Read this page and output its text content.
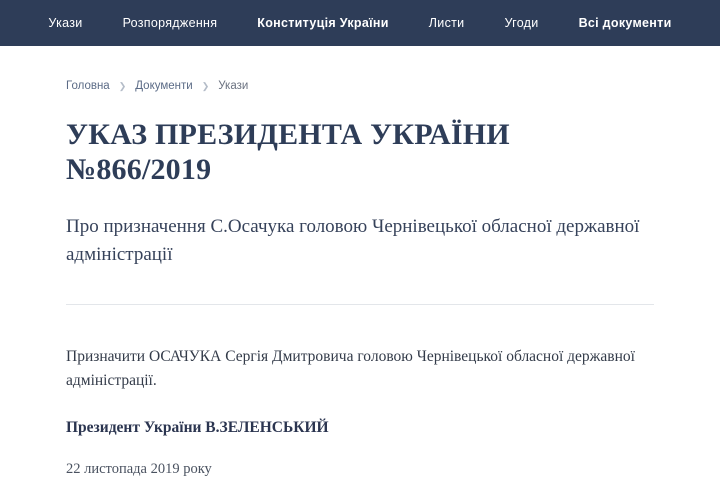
Укази	Розпорядження	Конституція України	Листи	Угоди	Всі документи
Головна ❯ Документи ❯ Укази
УКАЗ ПРЕЗИДЕНТА УКРАЇНИ №866/2019
Про призначення С.Осачука головою Чернівецької обласної державної адміністрації

Призначити ОСАЧУКА Сергія Дмитровича головою Чернівецької обласної державної адміністрації.

Президент України В.ЗЕЛЕНСЬКИЙ

22 листопада 2019 року
